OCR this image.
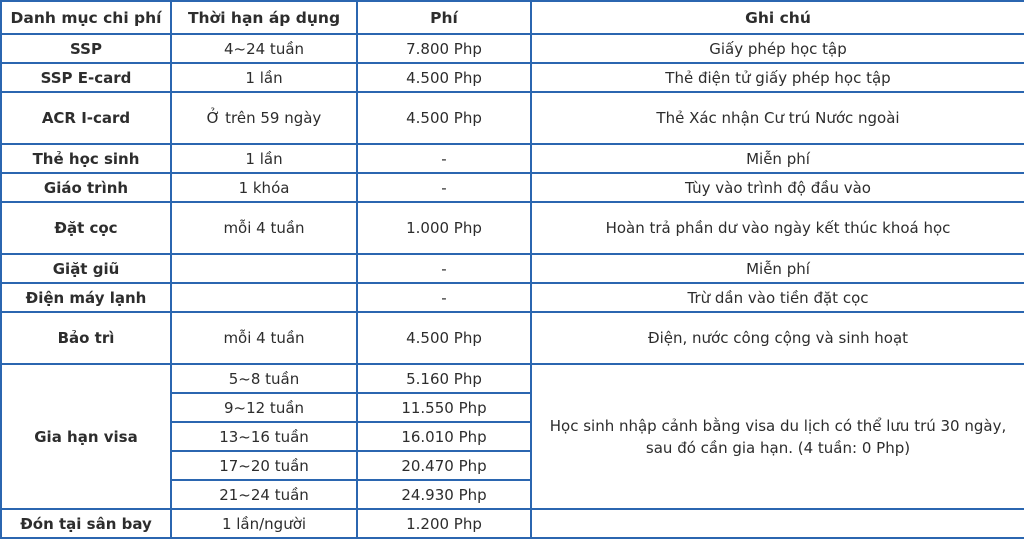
Danh mục chi phí	Thời hạn áp dụng	Phí	Ghi chú
SSP	4~24 tuần	7.800 Php	Giấy phép học tập
SSP E-card	1 lần	4.500 Php	Thẻ điện tử giấy phép học tập
ACR I-card	Ở trên 59 ngày	4.500 Php	Thẻ Xác nhận Cư trú Nước ngoài
Thẻ học sinh	1 lần	-	Miễn phí
Giáo trình	1 khóa	-	Tùy vào trình độ đầu vào
Đặt cọc	mỗi 4 tuần	1.000 Php	Hoàn trả phần dư vào ngày kết thúc khoá học
Giặt giũ		-	Miễn phí
Điện máy lạnh		-	Trừ dần vào tiền đặt cọc
Bảo trì	mỗi 4 tuần	4.500 Php	Điện, nước công cộng và sinh hoạt
Gia hạn visa	5~8 tuần	5.160 Php	Học sinh nhập cảnh bằng visa du lịch có thể lưu trú 30 ngày,
sau đó cần gia hạn. (4 tuần: 0 Php)
	9~12 tuần	11.550 Php	
	13~16 tuần	16.010 Php	
	17~20 tuần	20.470 Php	
	21~24 tuần	24.930 Php	
Đón tại sân bay	1 lần/người	1.200 Php	
